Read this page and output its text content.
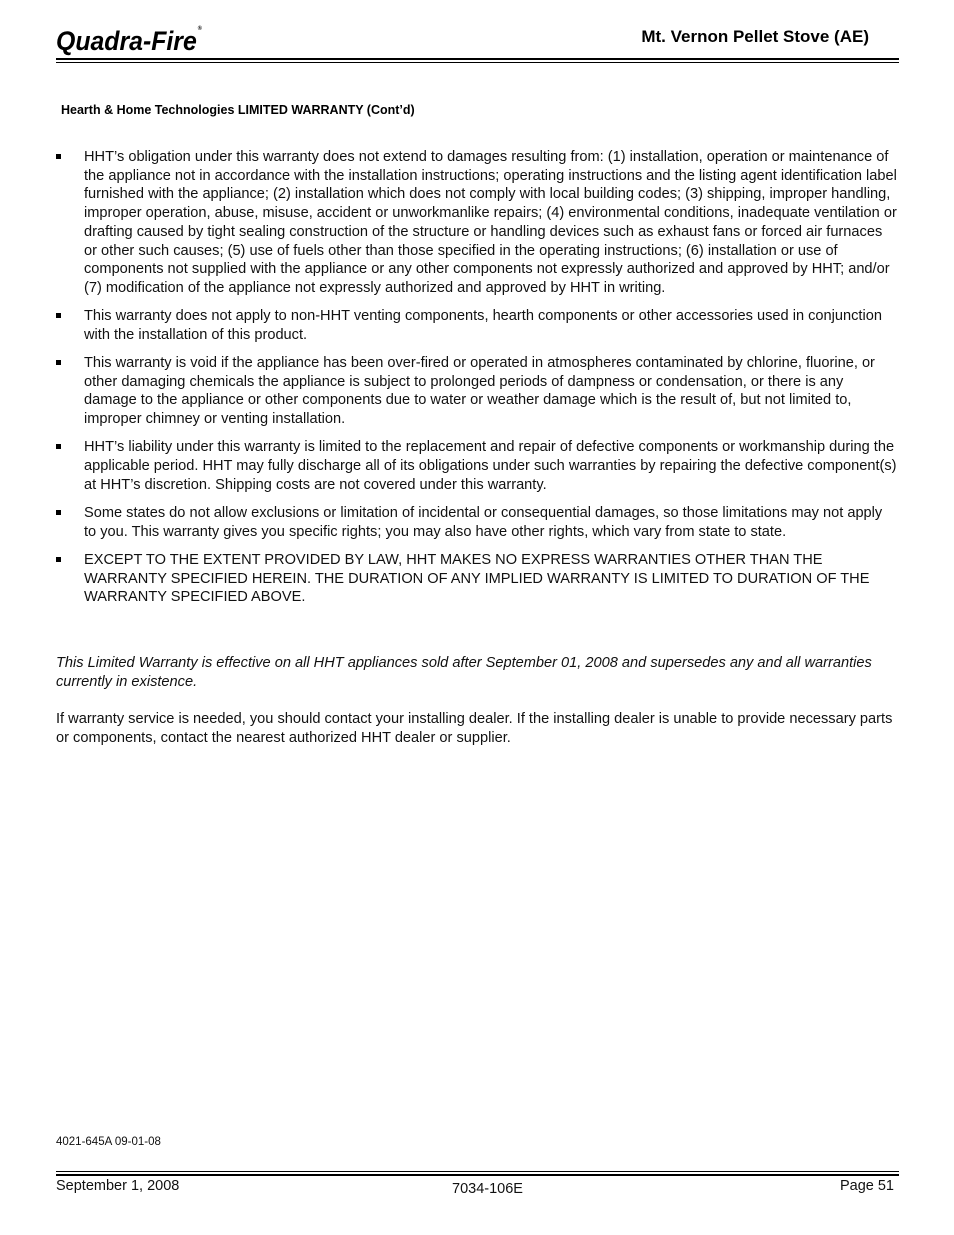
Quadra-Fire®	Mt. Vernon Pellet Stove (AE)
Hearth & Home Technologies LIMITED WARRANTY (Cont’d)
HHT’s obligation under this warranty does not extend to damages resulting from: (1) installation, operation or maintenance of the appliance not in accordance with the installation instructions; operating instructions and the listing agent identification label furnished with the appliance; (2) installation which does not comply with local building codes; (3) shipping, improper handling, improper operation, abuse, misuse, accident or unworkmanlike repairs; (4) environmental conditions, inadequate ventilation or drafting caused by tight sealing construction of the structure or handling devices such as exhaust fans or forced air furnaces or other such causes; (5) use of fuels other than those specified in the operating instructions; (6) installation or use of components not supplied with the appliance or any other components not expressly authorized and approved by HHT; and/or (7) modification of the appliance not expressly authorized and approved by HHT in writing.
This warranty does not apply to non-HHT venting components, hearth components or other accessories used in conjunction with the installation of this product.
This warranty is void if the appliance has been over-fired or operated in atmospheres contaminated by chlorine, fluorine, or other damaging chemicals the appliance is subject to prolonged periods of dampness or condensation, or there is any damage to the appliance or other components due to water or weather damage which is the result of, but not limited to, improper chimney or venting installation.
HHT’s liability under this warranty is limited to the replacement and repair of defective components or workmanship during the applicable period. HHT may fully discharge all of its obligations under such warranties by repairing the defective component(s) at HHT’s discretion. Shipping costs are not covered under this warranty.
Some states do not allow exclusions or limitation of incidental or consequential damages, so those limitations may not apply to you. This warranty gives you specific rights; you may also have other rights, which vary from state to state.
EXCEPT TO THE EXTENT PROVIDED BY LAW, HHT MAKES NO EXPRESS WARRANTIES OTHER THAN THE WARRANTY SPECIFIED HEREIN. THE DURATION OF ANY IMPLIED WARRANTY IS LIMITED TO DURATION OF THE WARRANTY SPECIFIED ABOVE.
This Limited Warranty is effective on all HHT appliances sold after September 01, 2008 and supersedes any and all warranties currently in existence.
If warranty service is needed, you should contact your installing dealer. If the installing dealer is unable to provide necessary parts or components, contact the nearest authorized HHT dealer or supplier.
4021-645A 09-01-08
September 1, 2008	7034-106E	Page 51
